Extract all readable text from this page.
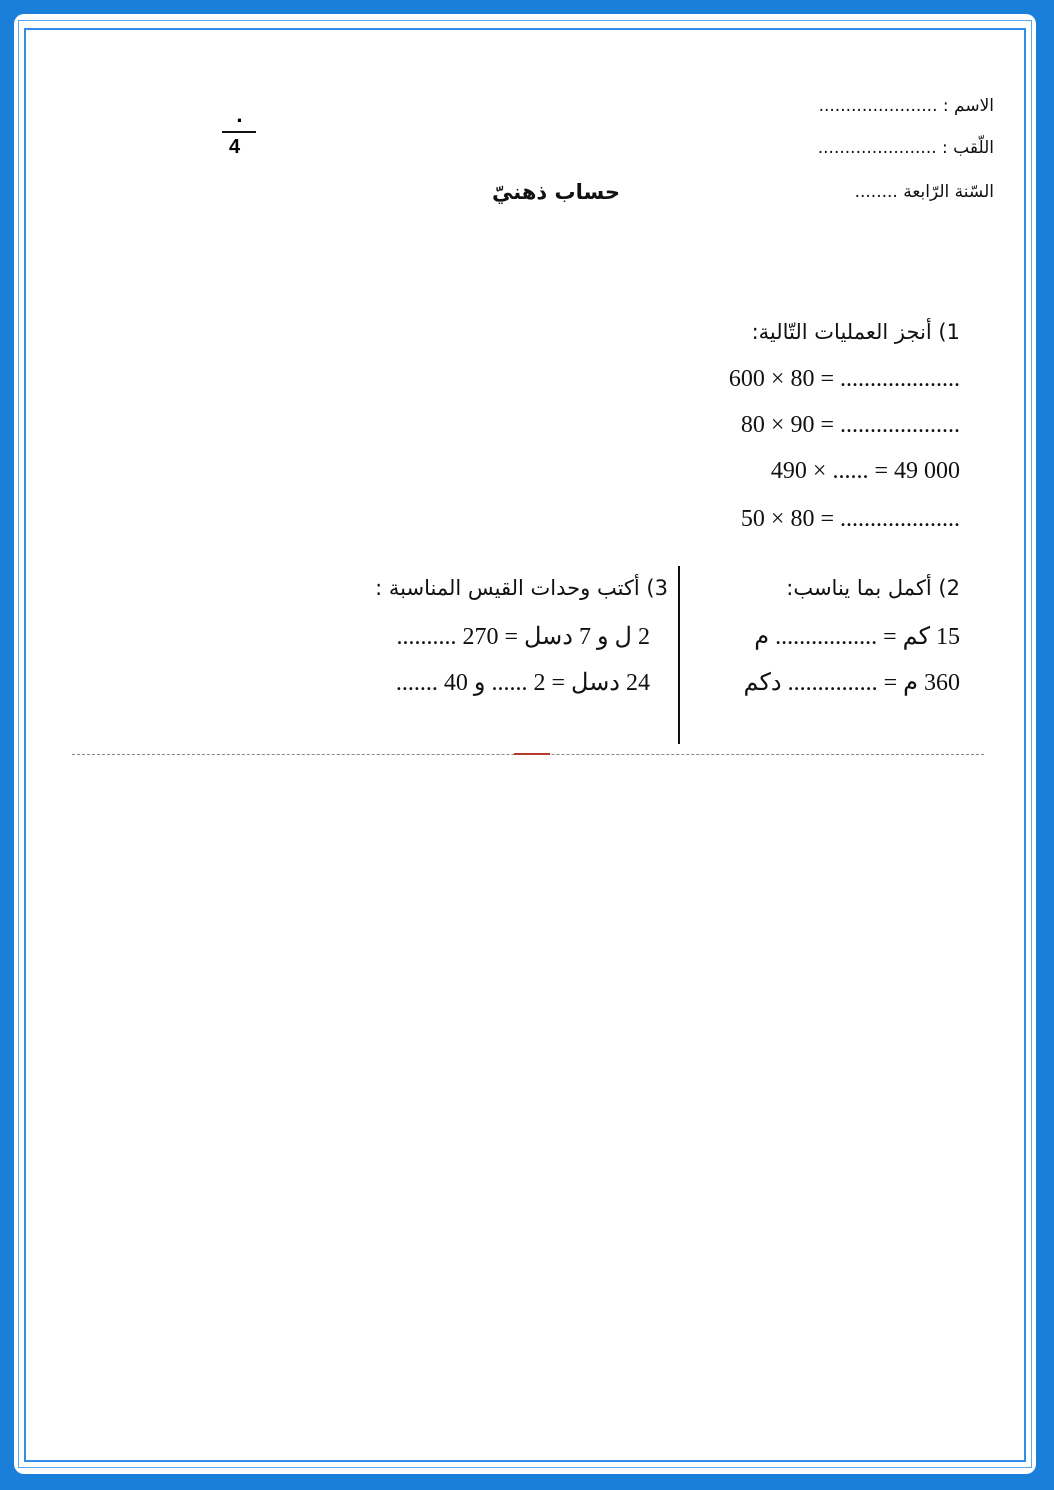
الاسم : ......................
اللّقب : ......................
السّنة الرّابعة ........
حساب ذهنيّ
.
4
1) أنجز العمليات التّالية:
600 × 80 = ....................
80 × 90 = ....................
490 × ...... = 49 000
50 × 80 = ....................
2) أكمل بما يناسب:
15 كم = ................. م
360 م = ............... دكم
3) أكتب وحدات القيس المناسبة :
2 ل و 7 دسل = 270 ..........
24 دسل = 2 ...... و 40 .......
